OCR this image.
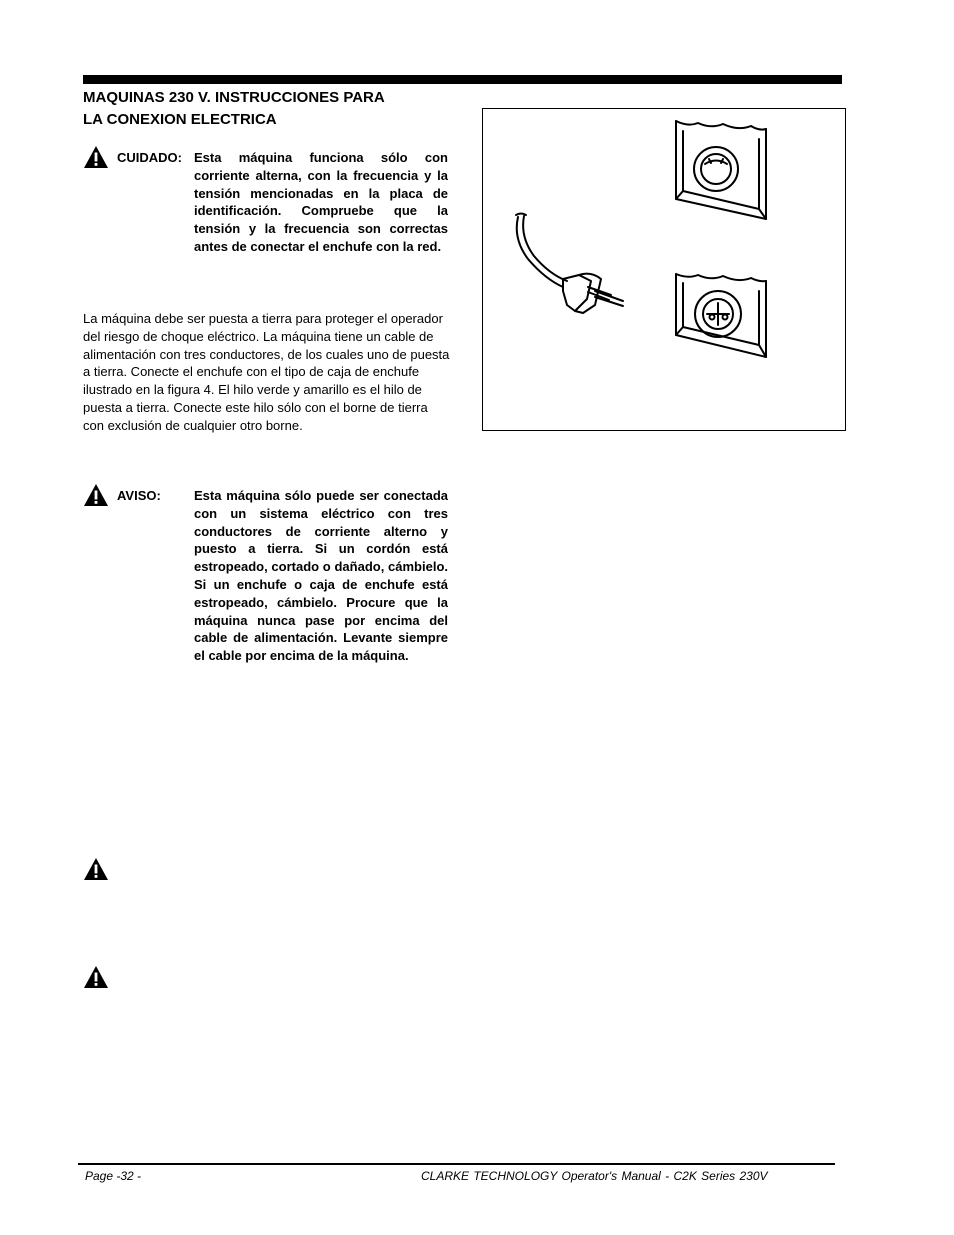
MAQUINAS 230 V. INSTRUCCIONES PARA
LA CONEXION ELECTRICA
CUIDADO: Esta máquina funciona sólo con corriente alterna, con la frecuencia y la tensión mencionadas en la placa de identificación. Compruebe que la tensión y la frecuencia son correctas antes de conectar el enchufe con la red.

La máquina debe ser puesta a tierra para proteger el operador del riesgo de choque eléctrico. La máquina tiene un cable de alimentación con tres conductores, de los cuales uno de puesta a tierra. Conecte el enchufe con el tipo de caja de enchufe ilustrado en la figura 4. El hilo verde y amarillo es el hilo de puesta a tierra. Conecte este hilo sólo con el borne de tierra con exclusión de cualquier otro borne.

AVISO:	Esta máquina sólo puede ser conectada con un sistema eléctrico con tres conductores de corriente alterno y puesto a tierra. Si un cordón está estropeado, cortado o dañado, cámbielo. Si un enchufe o caja de enchufe está estropeado, cámbielo. Procure que la máquina nunca pase por encima del cable de alimentación. Levante siempre el cable por encima de la máquina.

Page -32 -	CLARKE TECHNOLOGY Operator's Manual - C2K Series 230V
